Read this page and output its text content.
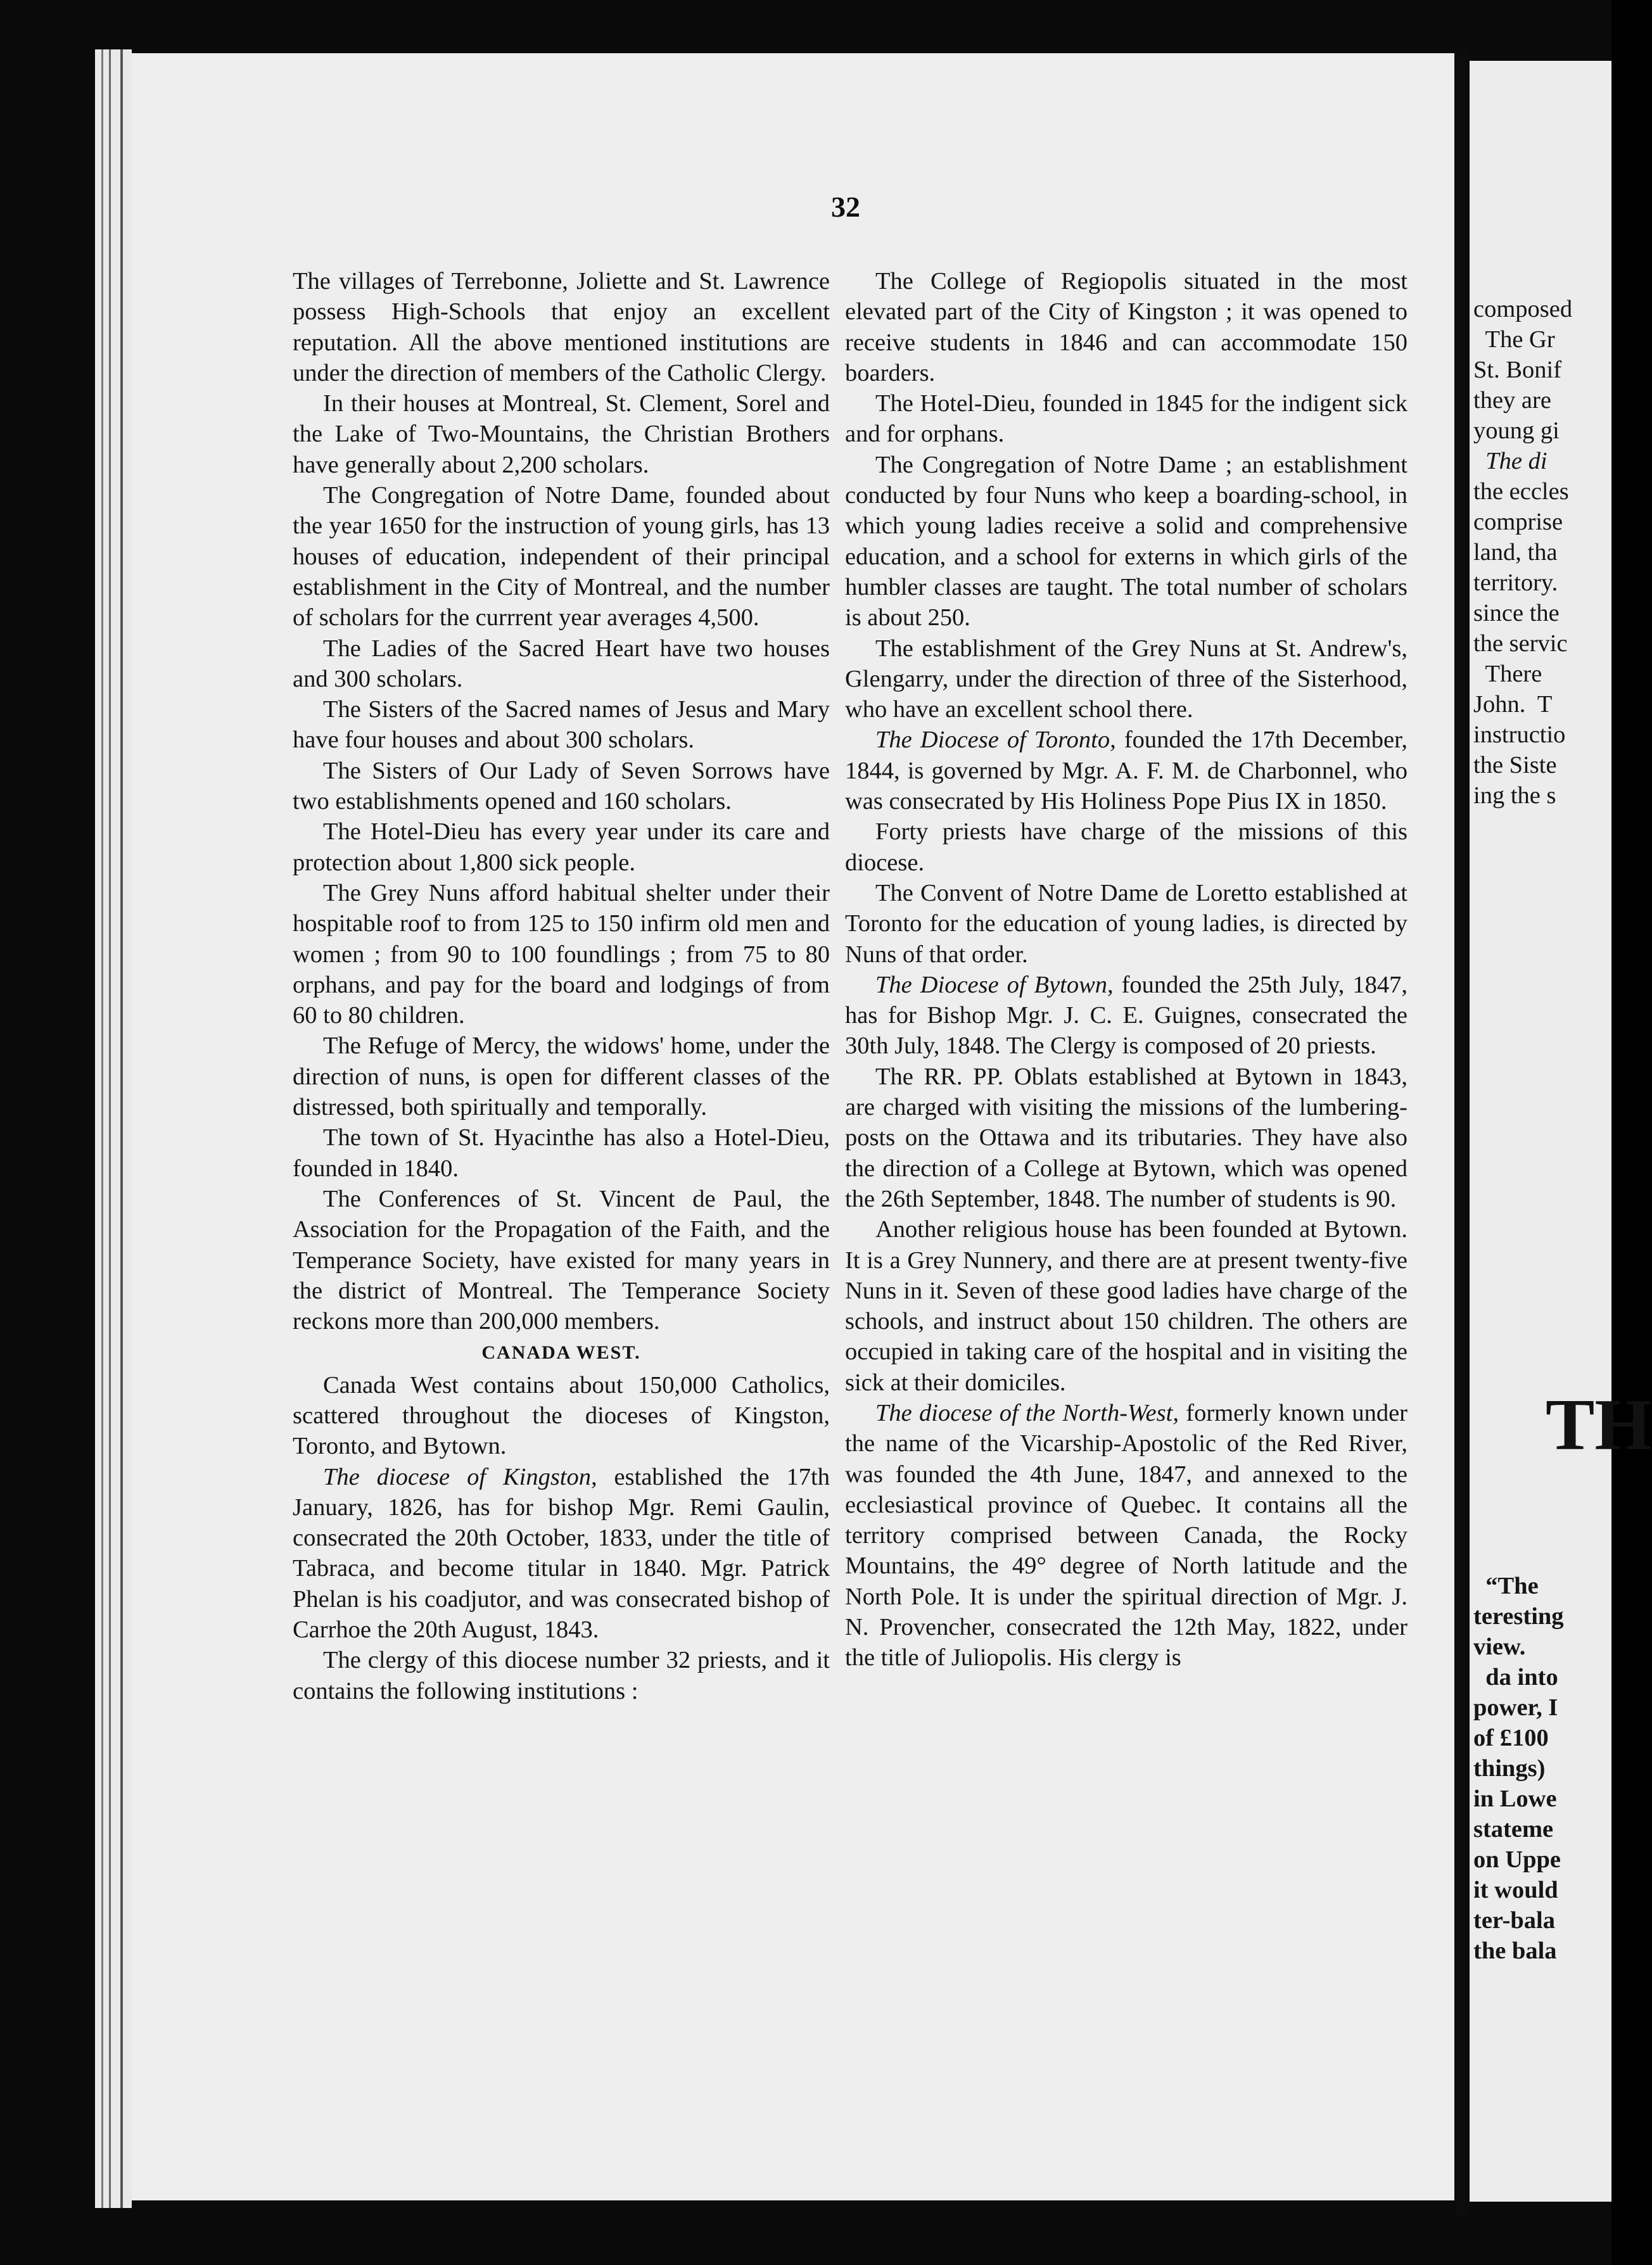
32

The villages of Terrebonne, Joliette and St. Lawrence possess High-Schools that enjoy an excellent reputation. All the above mentioned institutions are under the direction of members of the Catholic Clergy.

In their houses at Montreal, St. Clement, Sorel and the Lake of Two-Mountains, the Christian Brothers have generally about 2,200 scholars.

The Congregation of Notre Dame, founded about the year 1650 for the instruction of young girls, has 13 houses of education, independent of their principal establishment in the City of Montreal, and the number of scholars for the currrent year averages 4,500.

The Ladies of the Sacred Heart have two houses and 300 scholars.

The Sisters of the Sacred names of Jesus and Mary have four houses and about 300 scholars.

The Sisters of Our Lady of Seven Sorrows have two establishments opened and 160 scholars.

The Hotel-Dieu has every year under its care and protection about 1,800 sick people.

The Grey Nuns afford habitual shelter under their hospitable roof to from 125 to 150 infirm old men and women ; from 90 to 100 foundlings ; from 75 to 80 orphans, and pay for the board and lodgings of from 60 to 80 children.

The Refuge of Mercy, the widows' home, under the direction of nuns, is open for different classes of the distressed, both spiritually and temporally.

The town of St. Hyacinthe has also a Hotel-Dieu, founded in 1840.

The Conferences of St. Vincent de Paul, the Association for the Propagation of the Faith, and the Temperance Society, have existed for many years in the district of Montreal. The Temperance Society reckons more than 200,000 members.

CANADA WEST.

Canada West contains about 150,000 Catholics, scattered throughout the dioceses of Kingston, Toronto, and Bytown.

The diocese of Kingston, established the 17th January, 1826, has for bishop Mgr. Remi Gaulin, consecrated the 20th October, 1833, under the title of Tabraca, and become titular in 1840. Mgr. Patrick Phelan is his coadjutor, and was consecrated bishop of Carrhoe the 20th August, 1843.

The clergy of this diocese number 32 priests, and it contains the following institutions :

The College of Regiopolis situated in the most elevated part of the City of Kingston ; it was opened to receive students in 1846 and can accommodate 150 boarders.

The Hotel-Dieu, founded in 1845 for the indigent sick and for orphans.

The Congregation of Notre Dame ; an establishment conducted by four Nuns who keep a boarding-school, in which young ladies receive a solid and comprehensive education, and a school for externs in which girls of the humbler classes are taught. The total number of scholars is about 250.

The establishment of the Grey Nuns at St. Andrew's, Glengarry, under the direction of three of the Sisterhood, who have an excellent school there.

The Diocese of Toronto, founded the 17th December, 1844, is governed by Mgr. A. F. M. de Charbonnel, who was consecrated by His Holiness Pope Pius IX in 1850.

Forty priests have charge of the missions of this diocese.

The Convent of Notre Dame de Loretto established at Toronto for the education of young ladies, is directed by Nuns of that order.

The Diocese of Bytown, founded the 25th July, 1847, has for Bishop Mgr. J. C. E. Guignes, consecrated the 30th July, 1848. The Clergy is composed of 20 priests.

The RR. PP. Oblats established at Bytown in 1843, are charged with visiting the missions of the lumbering-posts on the Ottawa and its tributaries. They have also the direction of a College at Bytown, which was opened the 26th September, 1848. The number of students is 90.

Another religious house has been founded at Bytown. It is a Grey Nunnery, and there are at present twenty-five Nuns in it. Seven of these good ladies have charge of the schools, and instruct about 150 children. The others are occupied in taking care of the hospital and in visiting the sick at their domiciles.

The diocese of the North-West, formerly known under the name of the Vicarship-Apostolic of the Red River, was founded the 4th June, 1847, and annexed to the ecclesiastical province of Quebec. It contains all the territory comprised between Canada, the Rocky Mountains, the 49° degree of North latitude and the North Pole. It is under the spiritual direction of Mgr. J. N. Provencher, consecrated the 12th May, 1822, under the title of Juliopolis. His clergy is

composed
The Gr
St. Bonif
they are
young gi
The di
the eccles
comprise
land, tha
territory.
since the
the servic
There
John.  T
instructio
the Siste
ing the s
TH
“The
teresting
view.
da into
power, I
of £100
things)
in Lowe
stateme
on Uppe
it would
ter-bala
the bala
